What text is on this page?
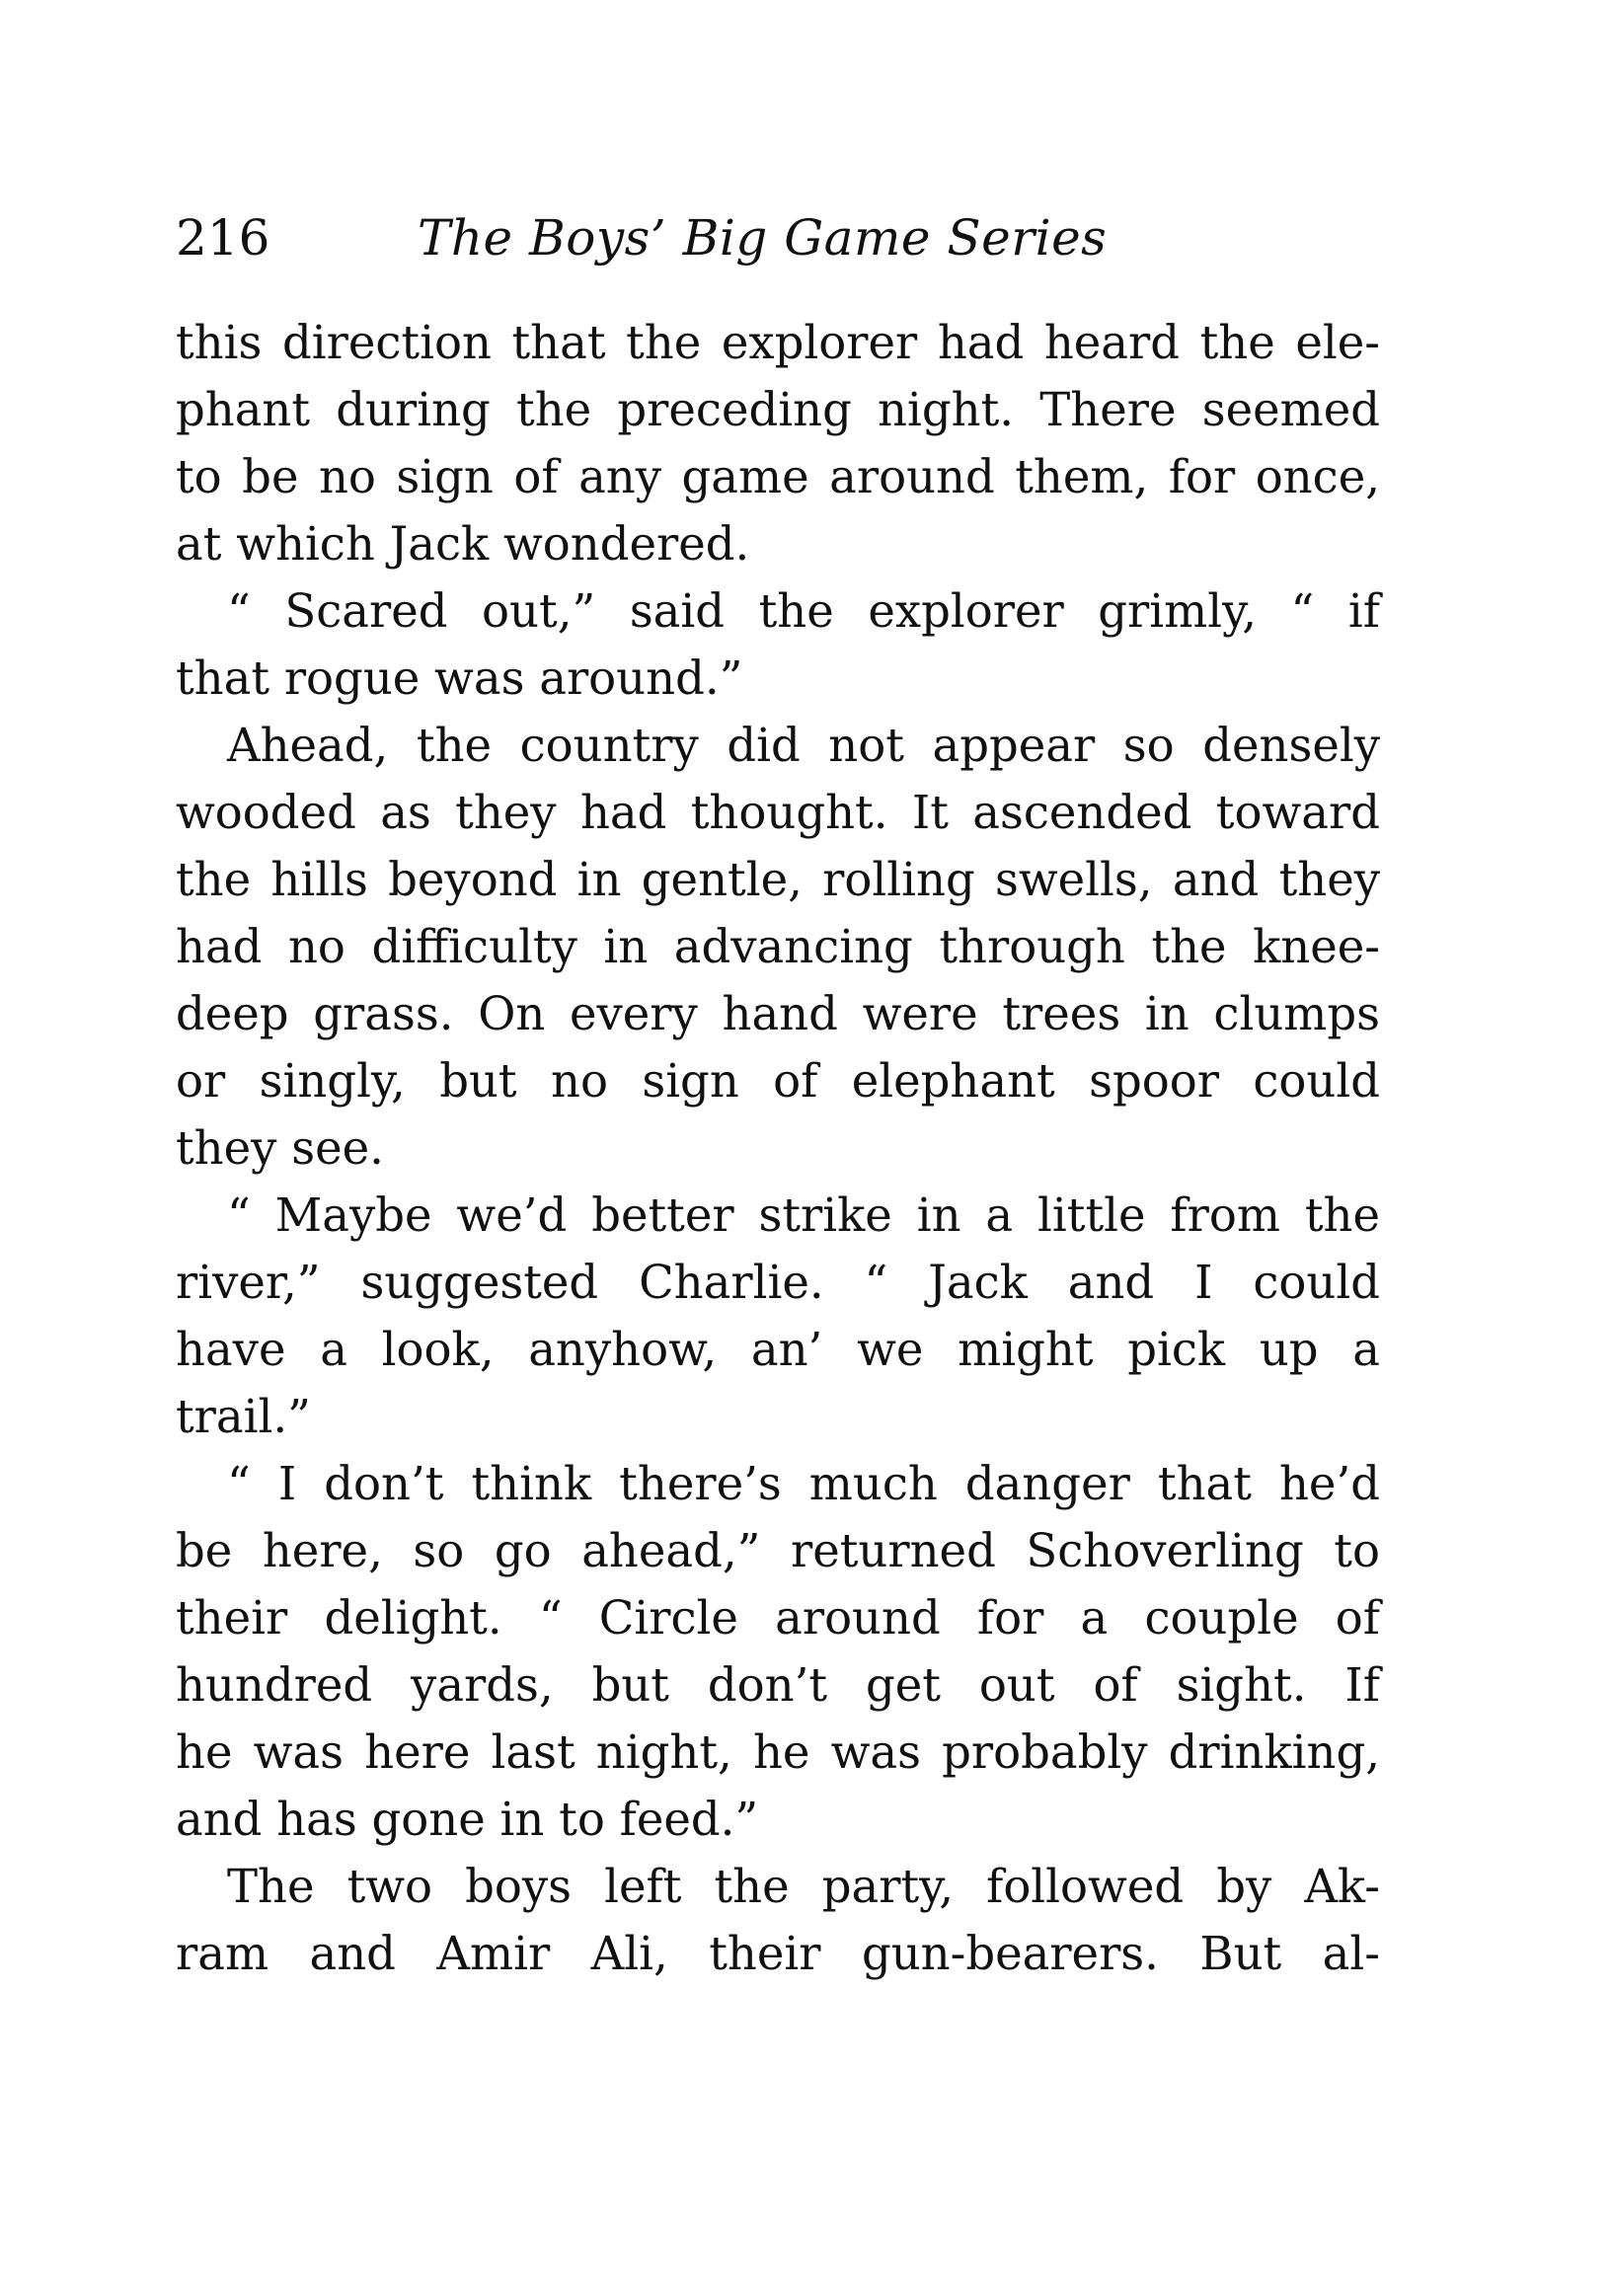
216	The Boys’ Big Game Series
this direction that the explorer had heard the ele-
phant during the preceding night. There seemed
to be no sign of any game around them, for once,
at which Jack wondered.
“ Scared out,” said the explorer grimly, “ if
that rogue was around.”
Ahead, the country did not appear so densely
wooded as they had thought. It ascended toward
the hills beyond in gentle, rolling swells, and they
had no difficulty in advancing through the knee-
deep grass. On every hand were trees in clumps
or singly, but no sign of elephant spoor could
they see.
“ Maybe we’d better strike in a little from the
river,” suggested Charlie. “ Jack and I could
have a look, anyhow, an’ we might pick up a
trail.”
“ I don’t think there’s much danger that he’d
be here, so go ahead,” returned Schoverling to
their delight. “ Circle around for a couple of
hundred yards, but don’t get out of sight. If
he was here last night, he was probably drinking,
and has gone in to feed.”
The two boys left the party, followed by Ak-
ram and Amir Ali, their gun-bearers. But al-
